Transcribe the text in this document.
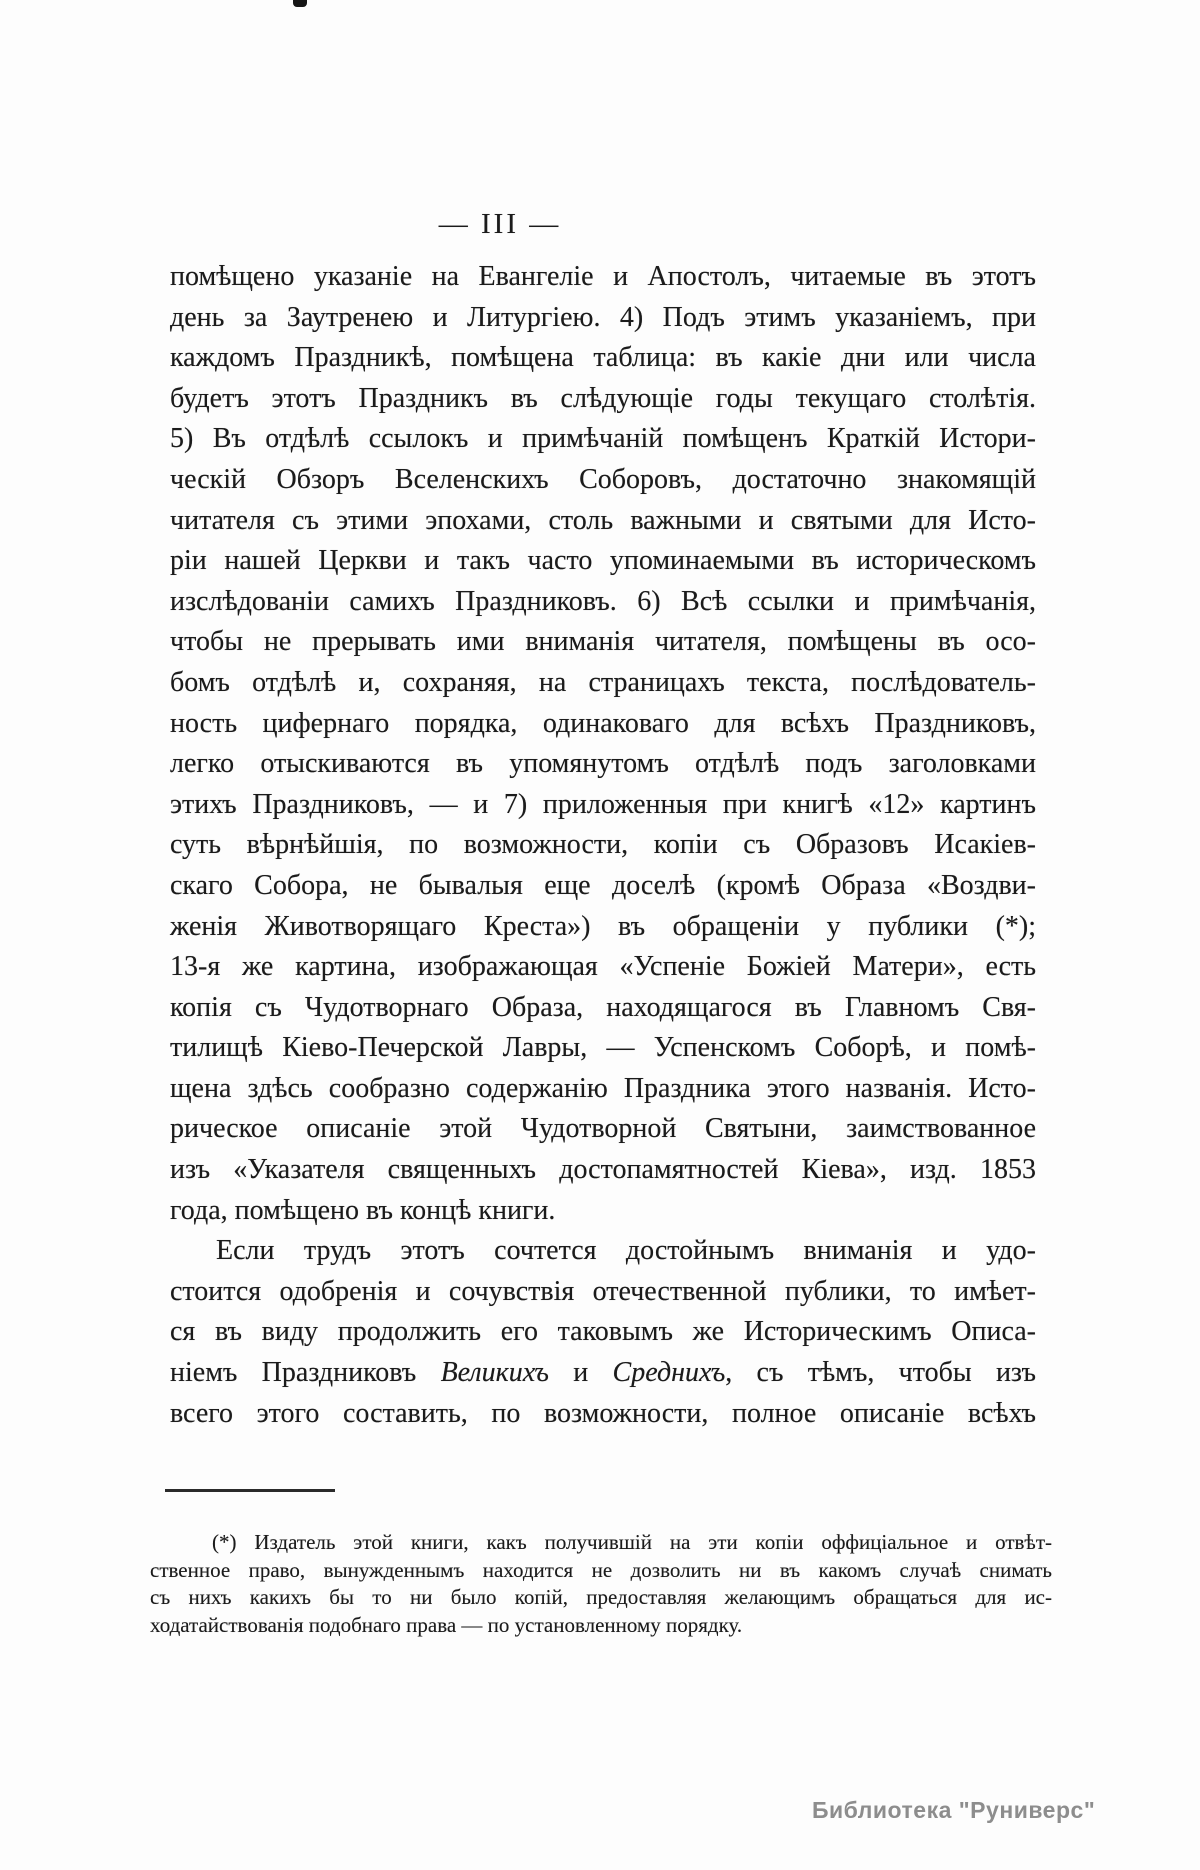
— III —
помѣщено указаніе на Евангеліе и Апостолъ, читаемые въ этотъ
день за Заутренею и Литургіею. 4) Подъ этимъ указаніемъ, при
каждомъ Праздникѣ, помѣщена таблица: въ какіе дни или числа
будетъ этотъ Праздникъ въ слѣдующіе годы текущаго столѣтія.
5) Въ отдѣлѣ ссылокъ и примѣчаній помѣщенъ Краткій Истори-
ческій Обзоръ Вселенскихъ Соборовъ, достаточно знакомящій
читателя съ этими эпохами, столь важными и святыми для Исто-
ріи нашей Церкви и такъ часто упоминаемыми въ историческомъ
изслѣдованіи самихъ Праздниковъ. 6) Всѣ ссылки и примѣчанія,
чтобы не прерывать ими вниманія читателя, помѣщены въ осо-
бомъ отдѣлѣ и, сохраняя, на страницахъ текста, послѣдователь-
ность цифернаго порядка, одинаковаго для всѣхъ Праздниковъ,
легко отыскиваются въ упомянутомъ отдѣлѣ подъ заголовками
этихъ Праздниковъ, — и 7) приложенныя при книгѣ «12» картинъ
суть вѣрнѣйшія, по возможности, копіи съ Образовъ Исакіев-
скаго Собора, не бывалыя еще доселѣ (кромѣ Образа «Воздви-
женія Животворящаго Креста») въ обращеніи у публики (*);
13-я же картина, изображающая «Успеніе Божіей Матери», есть
копія съ Чудотворнаго Образа, находящагося въ Главномъ Свя-
тилищѣ Кіево-Печерской Лавры, — Успенскомъ Соборѣ, и помѣ-
щена здѣсь сообразно содержанію Праздника этого названія. Исто-
рическое описаніе этой Чудотворной Святыни, заимствованное
изъ «Указателя священныхъ достопамятностей Кіева», изд. 1853
года, помѣщено въ концѣ книги.
Если трудъ этотъ сочтется достойнымъ вниманія и удо-
стоится одобренія и сочувствія отечественной публики, то имѣет-
ся въ виду продолжить его таковымъ же Историческимъ Описа-
ніемъ Праздниковъ Великихъ и Среднихъ, съ тѣмъ, чтобы изъ
всего этого составить, по возможности, полное описаніе всѣхъ
(*) Издатель этой книги, какъ получившій на эти копіи оффиціальное и отвѣт-
ственное право, вынужденнымъ находится не дозволить ни въ какомъ случаѣ снимать
съ нихъ какихъ бы то ни было копій, предоставляя желающимъ обращаться для ис-
ходатайствованія подобнаго права — по установленному порядку.
Библиотека "Руниверс"
